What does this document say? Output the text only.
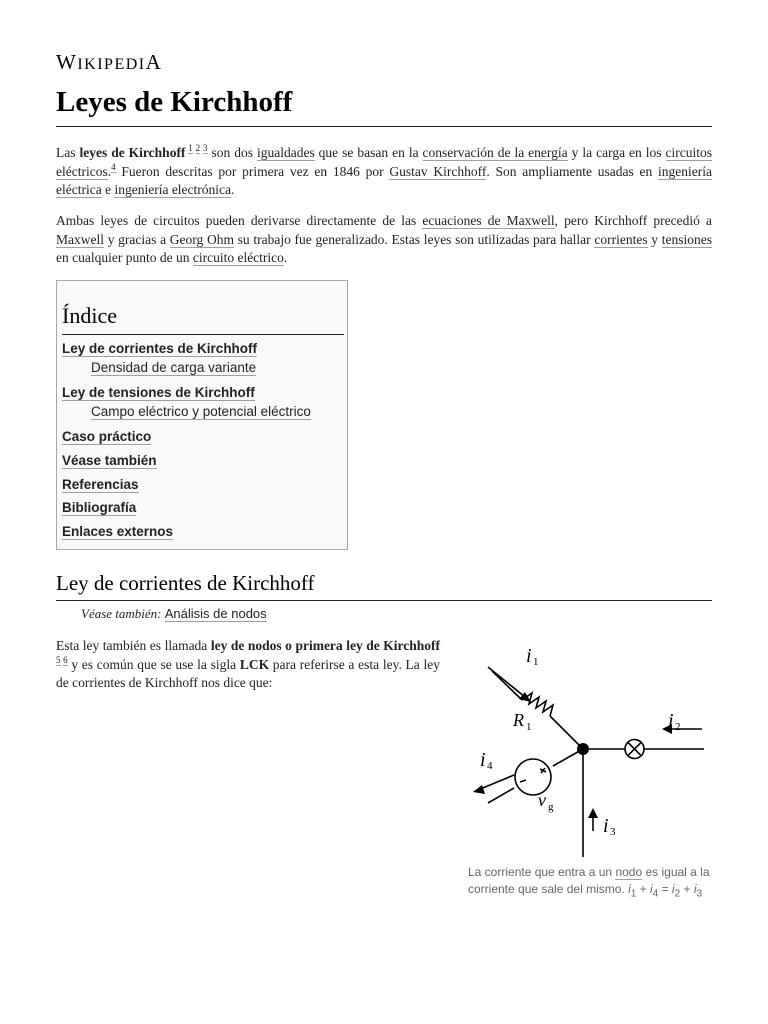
WIKIPEDIA
Leyes de Kirchhoff

Las leyes de Kirchhoff $^{1 2 3}$ son dos igualdades que se basan en la conservación de la energía y la carga en los circuitos eléctricos.$^4$ Fueron descritas por primera vez en 1846 por Gustav Kirchhoff. Son ampliamente usadas en ingeniería eléctrica e ingeniería electrónica.

Ambas leyes de circuitos pueden derivarse directamente de las ecuaciones de Maxwell, pero Kirchhoff precedió a Maxwell y gracias a Georg Ohm su trabajo fue generalizado. Estas leyes son utilizadas para hallar corrientes y tensiones en cualquier punto de un circuito eléctrico.

Índice
Ley de corrientes de Kirchhoff
Densidad de carga variante
Ley de tensiones de Kirchhoff
Campo eléctrico y potencial eléctrico
Caso práctico
Véase también
Referencias
Bibliografía
Enlaces externos
Ley de corrientes de Kirchhoff
Véase también: Análisis de nodos

Esta ley también es llamada ley de nodos o primera ley de Kirchhoff $^{5 6}$ y es común que se use la sigla LCK para referirse a esta ley. La ley de corrientes de Kirchhoff nos dice que:

i
i
i
i
R
v
1
2
3
4
1
g

La corriente que entra a un nodo es igual a la corriente que sale del mismo. $i_1 + i_4 = i_2 + i_3$
